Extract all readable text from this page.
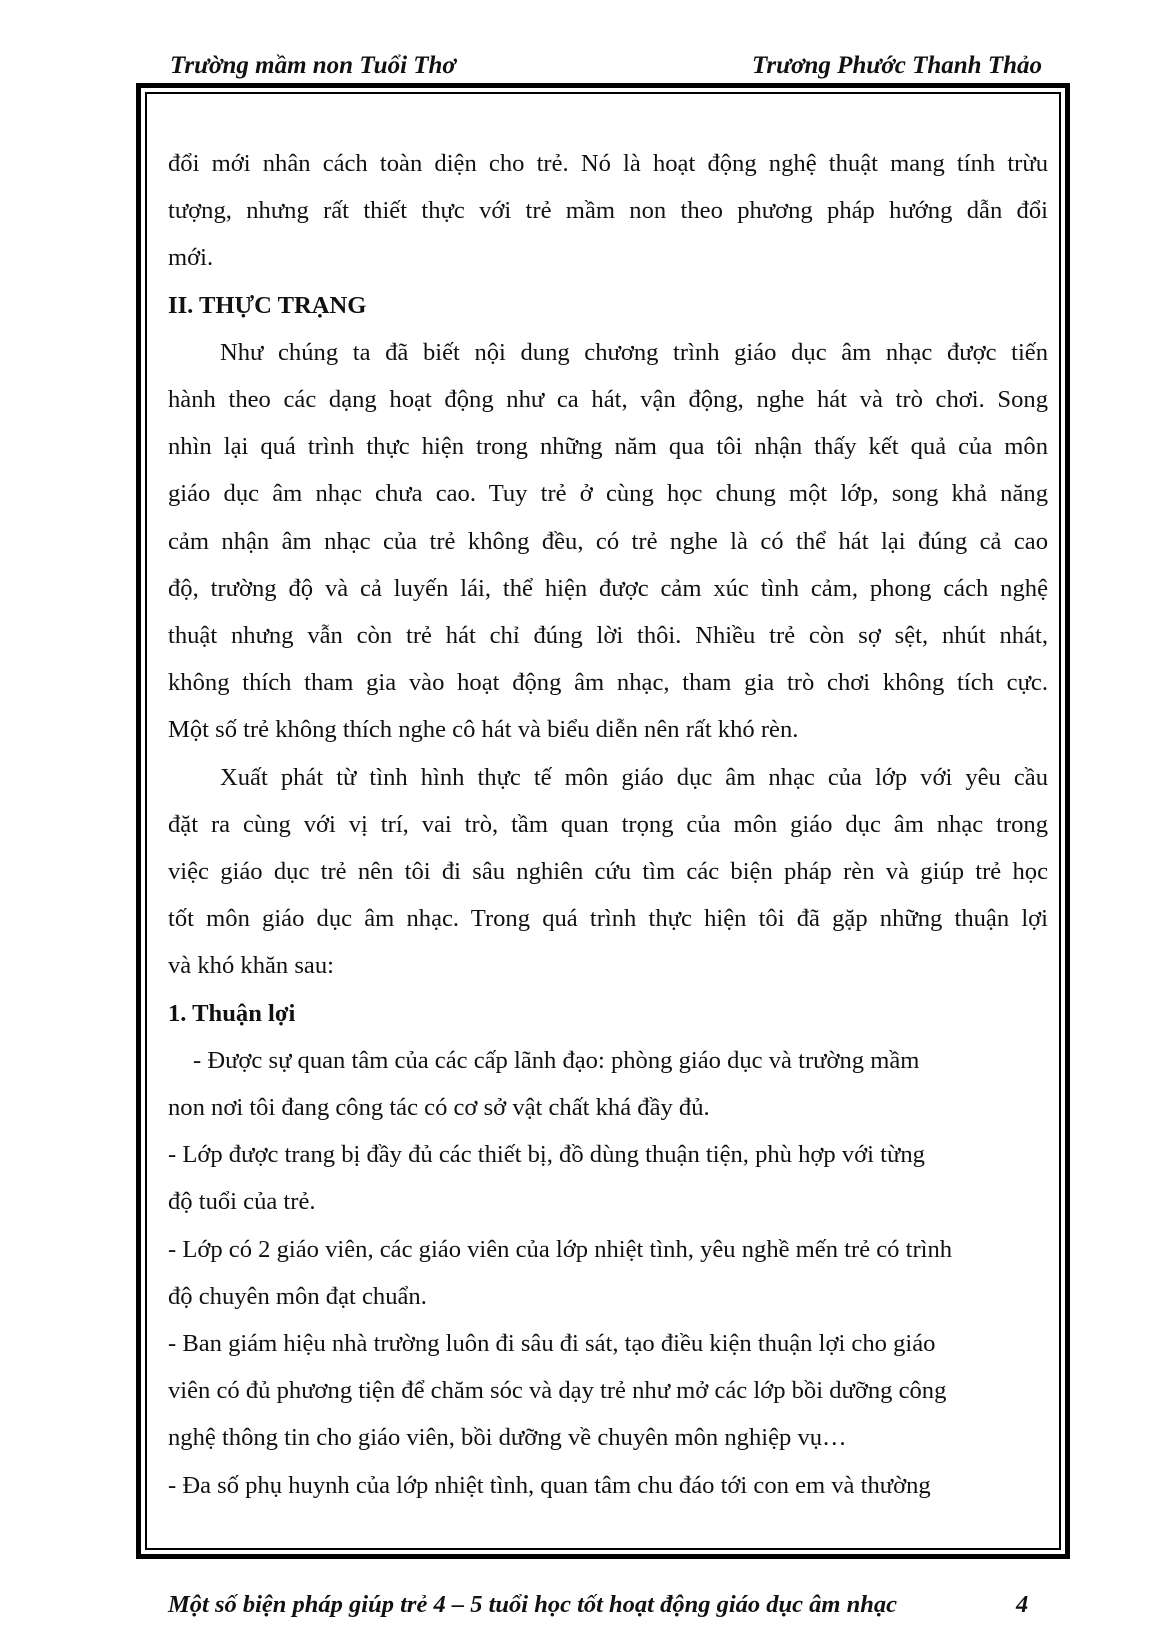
Trường mầm non Tuổi Thơ	Trương Phước Thanh Thảo

đổi mới nhân cách toàn diện cho trẻ. Nó là hoạt động nghệ thuật mang tính trừu

tượng, nhưng rất thiết thực với trẻ mầm non theo phương pháp hướng dẫn đổi

mới.

II. THỰC TRẠNG

Như chúng ta đã biết nội dung chương trình giáo dục âm nhạc được tiến

hành theo các dạng hoạt động như ca hát, vận động, nghe hát và trò chơi. Song

nhìn lại quá trình thực hiện trong những năm qua tôi nhận thấy kết quả của môn

giáo dục âm nhạc chưa cao. Tuy trẻ ở cùng học chung một lớp, song khả năng

cảm nhận âm nhạc của trẻ không đều, có trẻ nghe là có thể hát lại đúng cả cao

độ, trường độ và cả luyến lái, thể hiện được cảm xúc tình cảm, phong cách nghệ

thuật nhưng vẫn còn trẻ hát chỉ đúng lời thôi. Nhiều trẻ còn sợ sệt, nhút nhát,

không thích tham gia vào hoạt động âm nhạc, tham gia trò chơi không tích cực.

Một số trẻ không thích nghe cô hát và biểu diễn nên rất khó rèn.

Xuất phát từ tình hình thực tế môn giáo dục âm nhạc của lớp với yêu cầu

đặt ra cùng với vị trí, vai trò, tầm quan trọng của môn giáo dục âm nhạc trong

việc giáo dục trẻ nên tôi đi sâu nghiên cứu tìm các biện pháp rèn và giúp trẻ học

tốt môn giáo dục âm nhạc. Trong quá trình thực hiện tôi đã gặp những thuận lợi

và khó khăn sau:

1. Thuận lợi

- Được sự quan tâm của các cấp lãnh đạo: phòng giáo dục và trường mầm

non nơi tôi đang công tác có cơ sở vật chất khá đầy đủ.

- Lớp được trang bị đầy đủ các thiết bị, đồ dùng thuận tiện, phù hợp với từng

độ tuổi của trẻ.

- Lớp có 2 giáo viên, các giáo viên của lớp nhiệt tình, yêu nghề mến trẻ có trình

độ chuyên môn đạt chuẩn.

- Ban giám hiệu nhà trường luôn đi sâu đi sát, tạo điều kiện thuận lợi cho giáo

viên có đủ phương tiện để chăm sóc và dạy trẻ như mở các lớp bồi dưỡng công

nghệ thông tin cho giáo viên, bồi dưỡng về chuyên môn nghiệp vụ…

- Đa số phụ huynh của lớp nhiệt tình, quan tâm chu đáo tới con em và thường

Một số biện pháp giúp trẻ 4 – 5 tuổi học tốt hoạt động giáo dục âm nhạc	4
